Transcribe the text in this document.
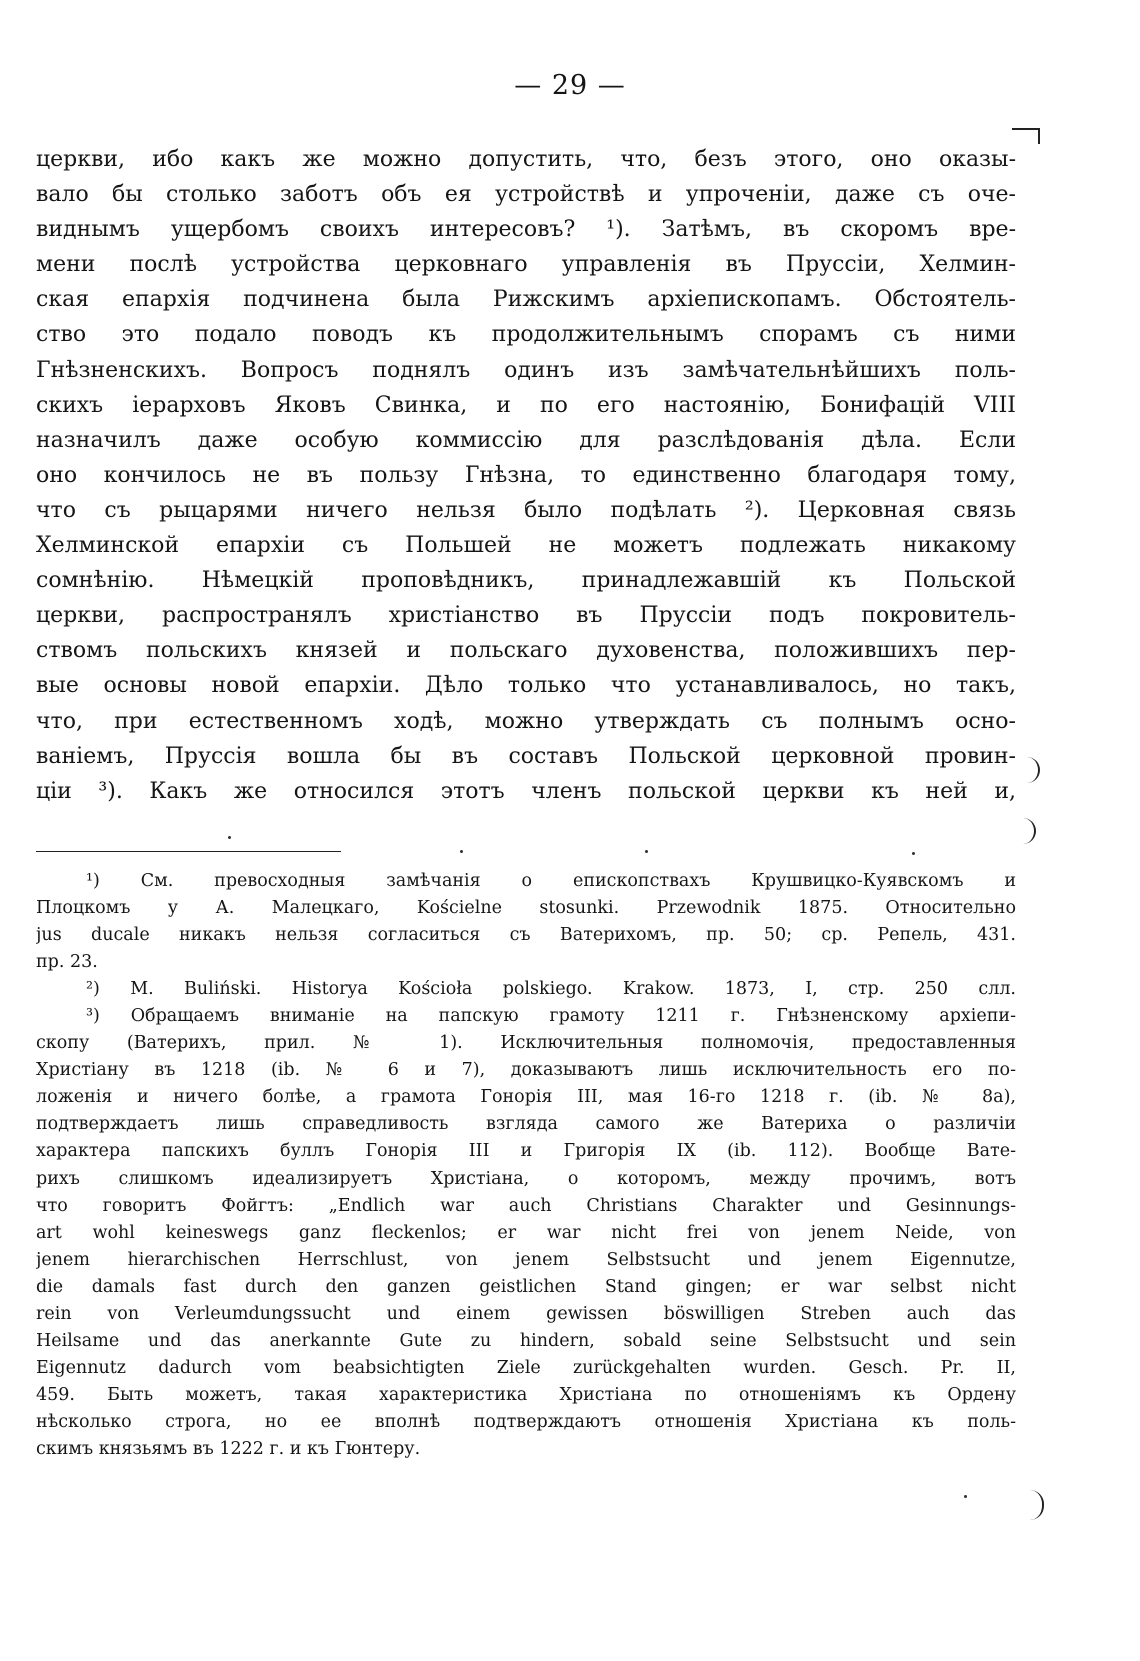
— 29 —
церкви, ибо какъ же можно допустить, что, безъ этого, оно оказы-
вало бы столько заботъ объ ея устройствѣ и упроченіи, даже съ оче-
виднымъ ущербомъ своихъ интересовъ? ¹). Затѣмъ, въ скоромъ вре-
мени послѣ устройства церковнаго управленія въ Пруссіи, Хелмин-
ская епархія подчинена была Рижскимъ архіепископамъ. Обстоятель-
ство это подало поводъ къ продолжительнымъ спорамъ съ ними
Гнѣзненскихъ. Вопросъ поднялъ одинъ изъ замѣчательнѣйшихъ поль-
скихъ іерарховъ Яковъ Свинка, и по его настоянію, Бонифацій VIII
назначилъ даже особую коммиссію для разслѣдованія дѣла. Если
оно кончилось не въ пользу Гнѣзна, то единственно благодаря тому,
что съ рыцарями ничего нельзя было подѣлать ²). Церковная связь
Хелминской епархіи съ Польшей не можетъ подлежать никакому
сомнѣнію. Нѣмецкій проповѣдникъ, принадлежавшій къ Польской
церкви, распространялъ христіанство въ Пруссіи подъ покровитель-
ствомъ польскихъ князей и польскаго духовенства, положившихъ пер-
вые основы новой епархіи. Дѣло только что устанавливалось, но такъ,
что, при естественномъ ходѣ, можно утверждать съ полнымъ осно-
ваніемъ, Пруссія вошла бы въ составъ Польской церковной провин-
ціи ³). Какъ же относился этотъ членъ польской церкви къ ней и,
¹) См. превосходныя замѣчанія о епископствахъ Крушвицко-Куявскомъ и
Плоцкомъ у А. Малецкаго, Kościelne stosunki. Przewodnik 1875. Относительно
jus ducale никакъ нельзя согласиться съ Ватерихомъ, пр. 50; ср. Репель, 431.
пр. 23.
²) M. Buliński. Historya Kościoła polskiego. Krakow. 1873, I, стр. 250 слл.
³) Обращаемъ вниманіе на папскую грамоту 1211 г. Гнѣзненскому архіепи-
скопу (Ватерихъ, прил. № 1). Исключительныя полномочія, предоставленныя
Христіану въ 1218 (ib. № 6 и 7), доказываютъ лишь исключительность его по-
ложенія и ничего болѣе, а грамота Гонорія III, мая 16-го 1218 г. (ib. № 8а),
подтверждаетъ лишь справедливость взгляда самого же Ватериха о различіи
характера папскихъ буллъ Гонорія III и Григорія IX (ib. 112). Вообще Ватe-
рихъ слишкомъ идеализируетъ Христіана, о которомъ, между прочимъ, вотъ
что говоритъ Фойгтъ: „Endlich war auch Christians Charakter und Gesinnungs-
art wohl keineswegs ganz fleckenlos; er war nicht frei von jenem Neide, von
jenem hierarchischen Herrschlust, von jenem Selbstsucht und jenem Eigennutze,
die damals fast durch den ganzen geistlichen Stand gingen; er war selbst nicht
rein von Verleumdungssucht und einem gewissen böswilligen Streben auch das
Heilsame und das anerkannte Gute zu hindern, sobald seine Selbstsucht und sein
Eigennutz dadurch vom beabsichtigten Ziele zurückgehalten wurden. Gesch. Pr. II,
459. Быть можетъ, такая характеристика Христіана по отношеніямъ къ Ордену
нѣсколько строга, но ее вполнѣ подтверждаютъ отношенія Христіана къ поль-
скимъ князьямъ въ 1222 г. и къ Гюнтеру.
